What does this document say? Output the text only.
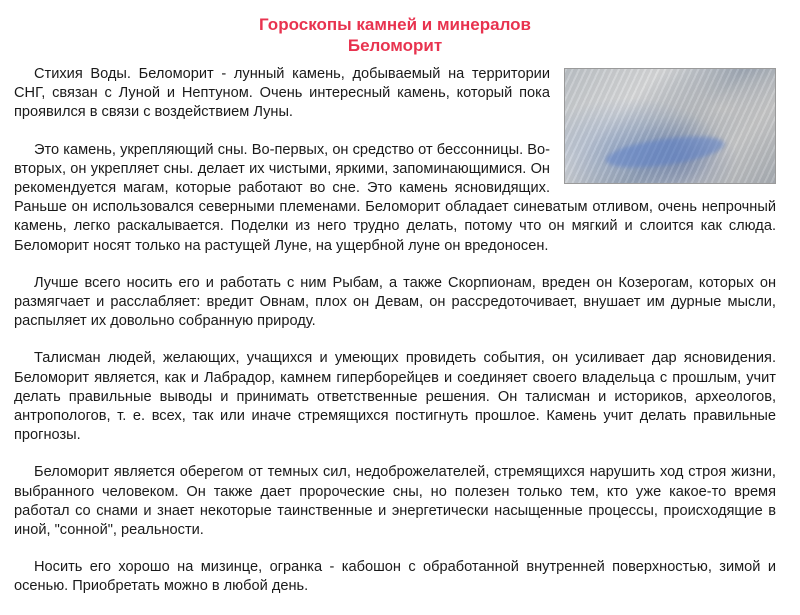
Гороскопы камней и минералов
Беломорит

Стихия Воды. Беломорит - лунный камень, добываемый на территории СНГ, связан с Луной и Нептуном. Очень интересный камень, который пока проявился в связи с воздействием Луны.

Это камень, укрепляющий сны. Во-первых, он средство от бессонницы. Во-вторых, он укрепляет сны. делает их чистыми, яркими, запоминающимися. Он рекомендуется магам, которые работают во сне. Это камень ясновидящих. Раньше он использовался северными племенами. Беломорит обладает синеватым отливом, очень непрочный камень, легко раскалывается. Поделки из него трудно делать, потому что он мягкий и слоится как слюда. Беломорит носят только на растущей Луне, на ущербной луне он вредоносен.

Лучше всего носить его и работать с ним Рыбам, а также Скорпионам, вреден он Козерогам, которых он размягчает и расслабляет: вредит Овнам, плох он Девам, он рассредоточивает, внушает им дурные мысли, распыляет их довольно собранную природу.

Талисман людей, желающих, учащихся и умеющих провидеть события, он усиливает дар ясновидения. Беломорит является, как и Лабрадор, камнем гиперборейцев и соединяет своего владельца с прошлым, учит делать правильные выводы и принимать ответственные решения. Он талисман и историков, археологов, антропологов, т. е. всех, так или иначе стремящихся постигнуть прошлое. Камень учит делать правильные прогнозы.

Беломорит является оберегом от темных сил, недоброжелателей, стремящихся нарушить ход строя жизни, выбранного человеком. Он также дает пророческие сны, но полезен только тем, кто уже какое-то время работал со снами и знает некоторые таинственные и энергетически насыщенные процессы, происходящие в иной, "сонной", реальности.

Носить его хорошо на мизинце, огранка - кабошон с обработанной внутренней поверхностью, зимой и осенью. Приобретать можно в любой день.
